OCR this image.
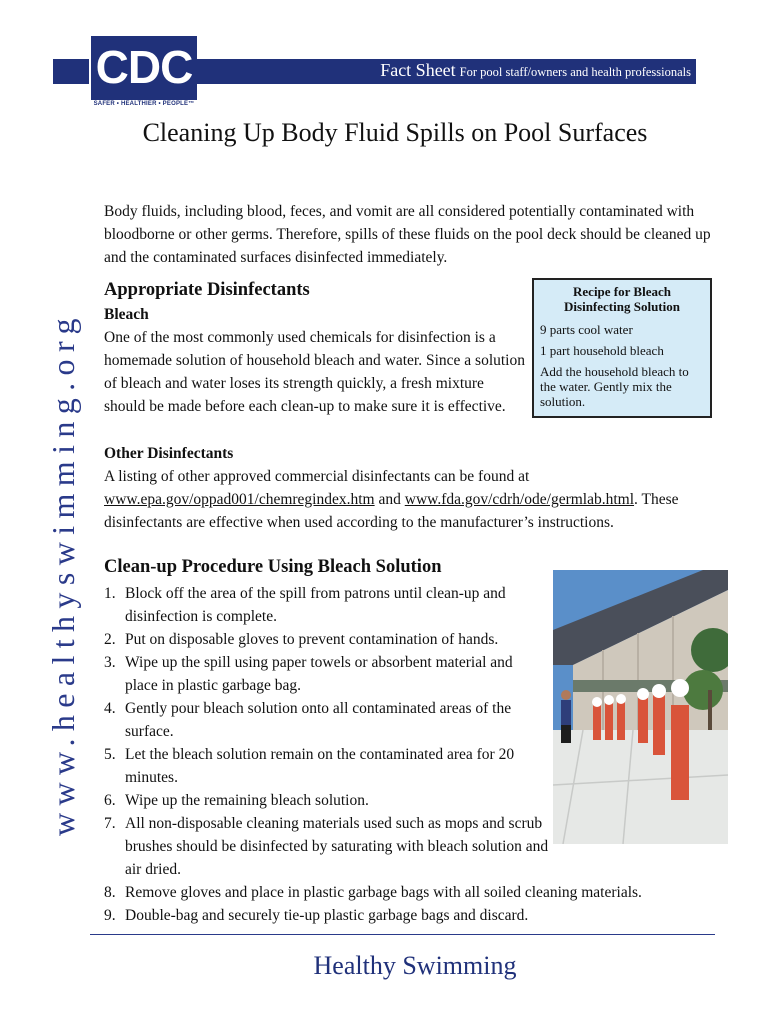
Fact Sheet For pool staff/owners and health professionals
CDC
SAFER • HEALTHIER • PEOPLE™
Cleaning Up Body Fluid Spills on Pool Surfaces
www.healthyswimming.org

Body fluids, including blood, feces, and vomit are all considered potentially contaminated with bloodborne or other germs. Therefore, spills of these fluids on the pool deck should be cleaned up and the contaminated surfaces disinfected immediately.

Appropriate Disinfectants
Bleach

One of the most commonly used chemicals for disinfection is a homemade solution of household bleach and water. Since a solution of bleach and water loses its strength quickly, a fresh mixture should be made before each clean-up to make sure it is effective.

Other Disinfectants

A listing of other approved commercial disinfectants can be found at www.epa.gov/oppad001/chemregindex.htm and www.fda.gov/cdrh/ode/germlab.html. These disinfectants are effective when used according to the manufacturer’s instructions.

Recipe for Bleach Disinfecting Solution
9 parts cool water
1 part household bleach
Add the household bleach to the water. Gently mix the solution.
Clean-up Procedure Using Bleach Solution
1. Block off the area of the spill from patrons until clean-up and disinfection is complete.
2. Put on disposable gloves to prevent contamination of hands.
3. Wipe up the spill using paper towels or absorbent material and place in plastic garbage bag.
4. Gently pour bleach solution onto all contaminated areas of the surface.
5. Let the bleach solution remain on the contaminated area for 20 minutes.
6. Wipe up the remaining bleach solution.
7. All non-disposable cleaning materials used such as mops and scrub brushes should be disinfected by saturating with bleach solution and air dried.
8. Remove gloves and place in plastic garbage bags with all soiled cleaning materials.
9. Double-bag and securely tie-up plastic garbage bags and discard.
Healthy Swimming
